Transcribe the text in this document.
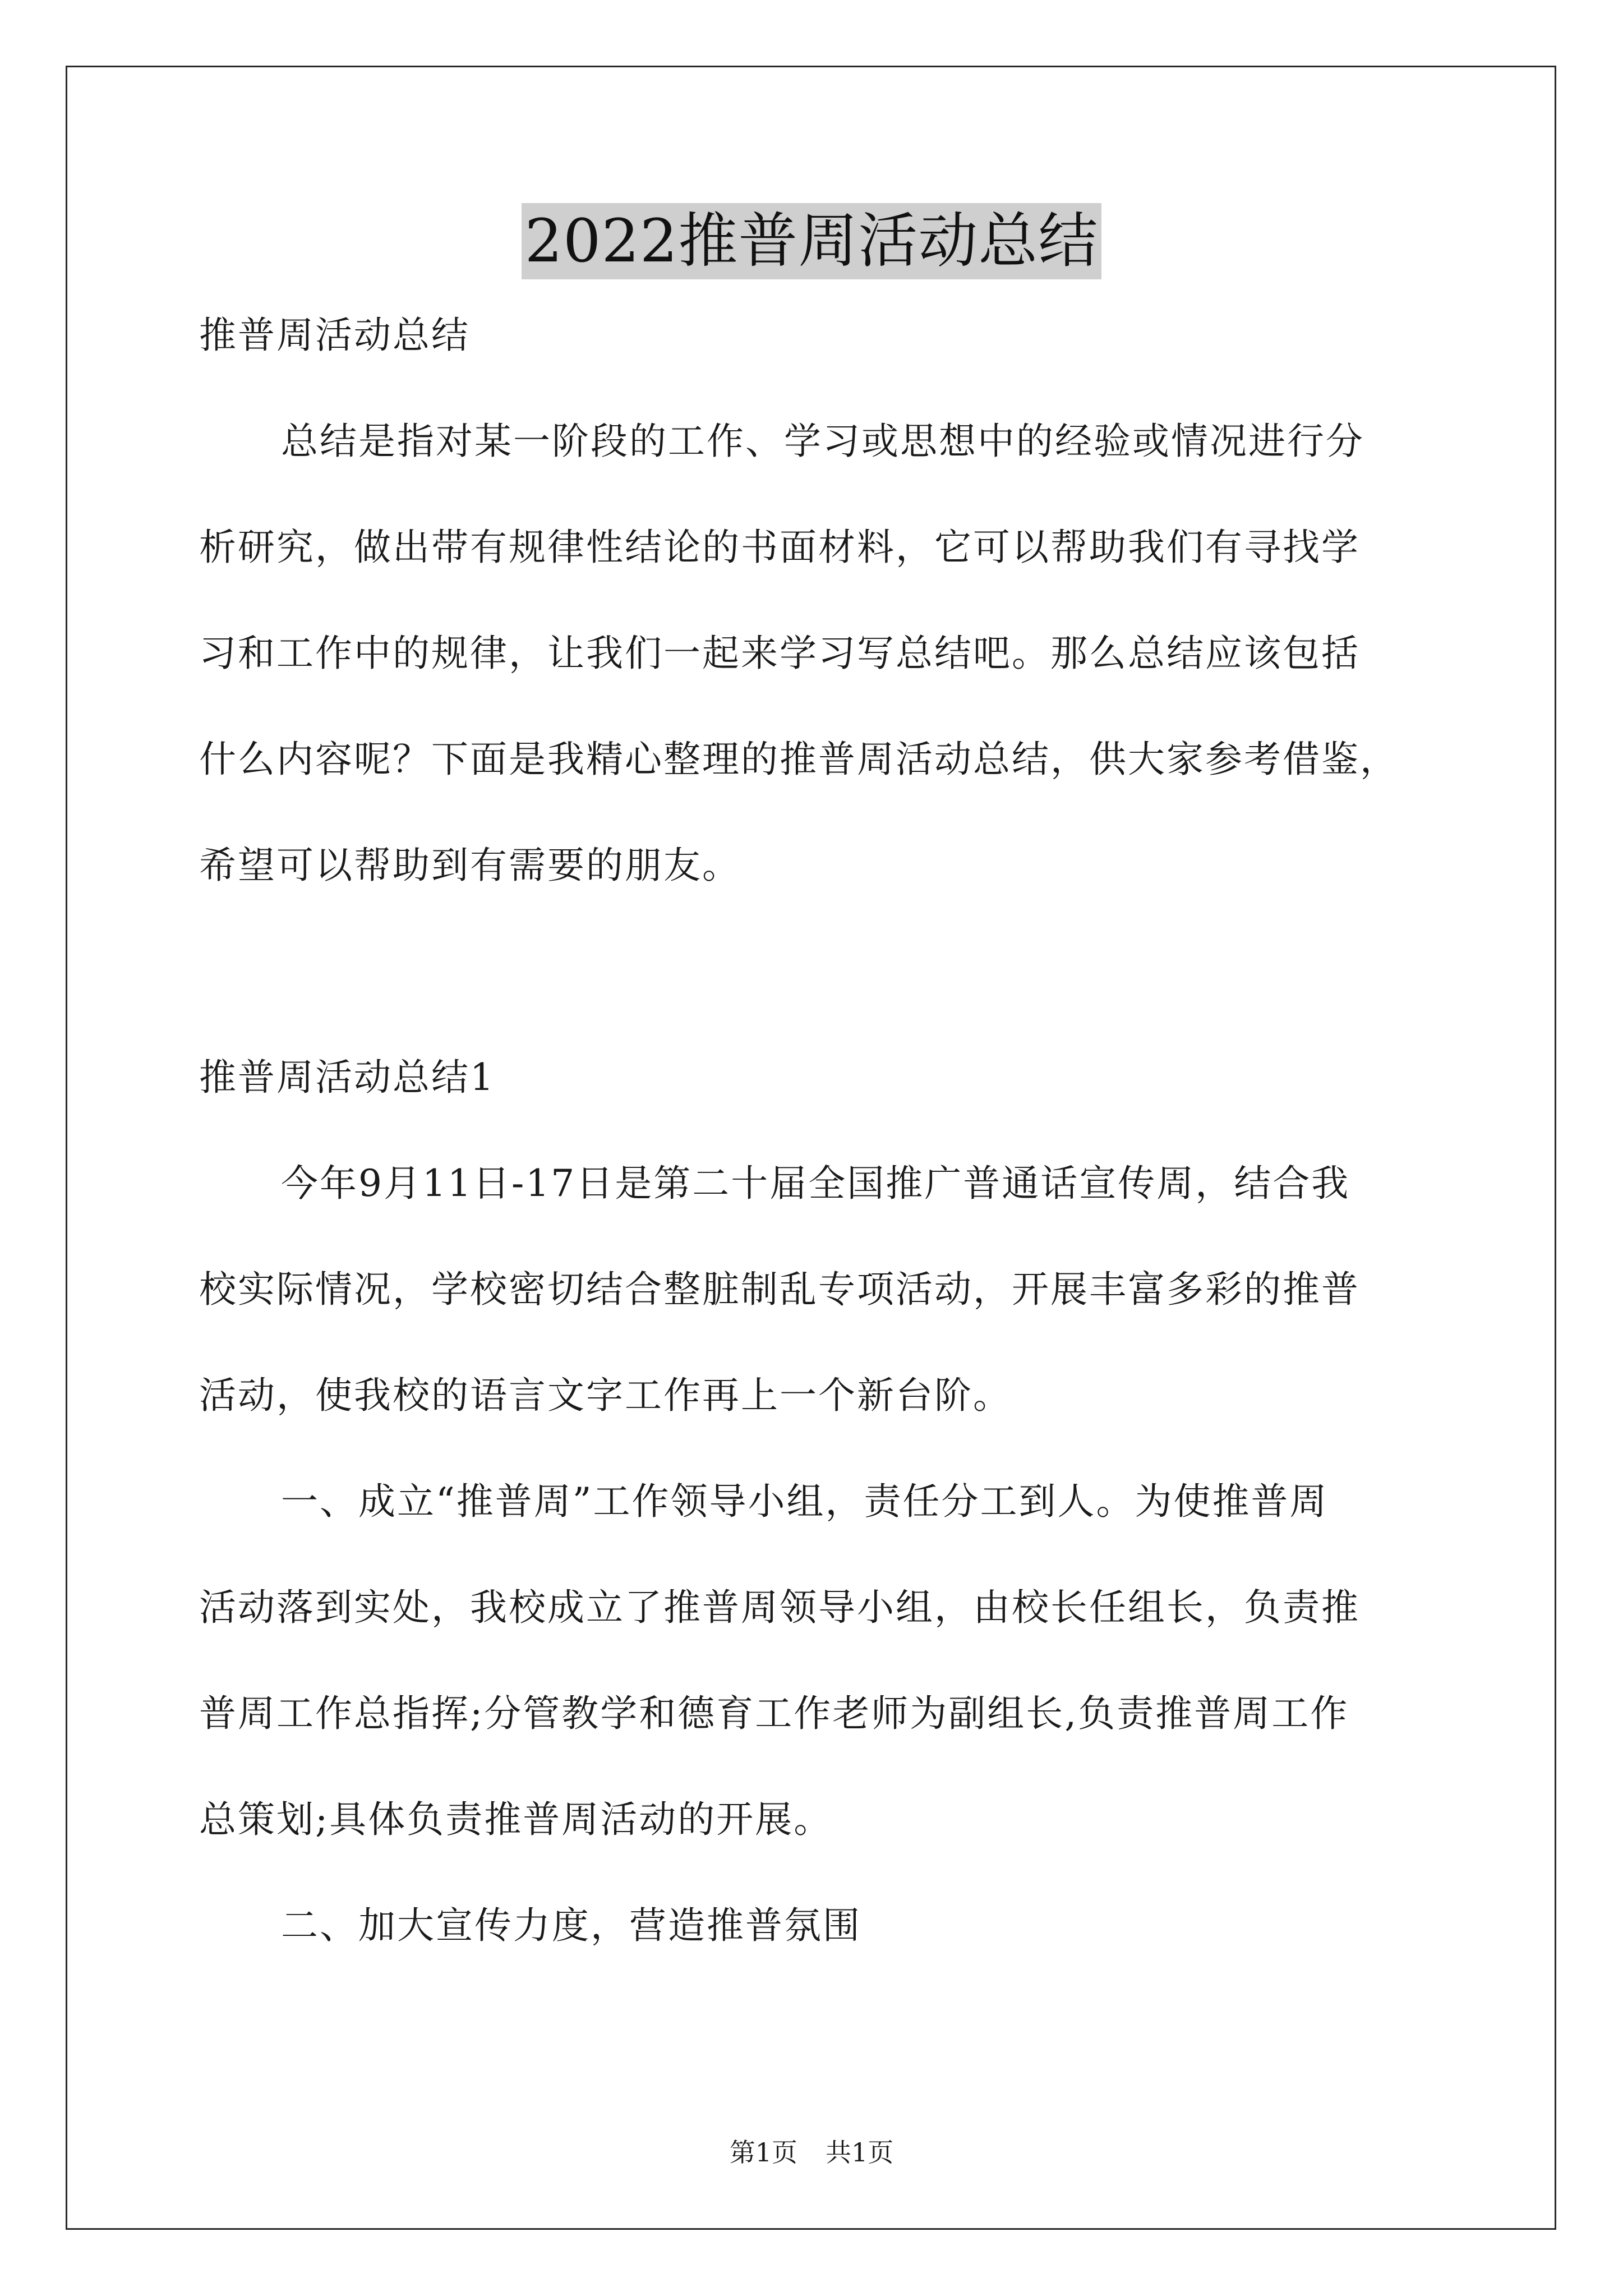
2022推普周活动总结
推普周活动总结
总结是指对某一阶段的工作、学习或思想中的经验或情况进行分
析研究，做出带有规律性结论的书面材料，它可以帮助我们有寻找学
习和工作中的规律，让我们一起来学习写总结吧。那么总结应该包括
什么内容呢？下面是我精心整理的推普周活动总结，供大家参考借鉴，
希望可以帮助到有需要的朋友。
推普周活动总结1
今年9月11日-17日是第二十届全国推广普通话宣传周，结合我
校实际情况，学校密切结合整脏制乱专项活动，开展丰富多彩的推普
活动，使我校的语言文字工作再上一个新台阶。
一、成立“推普周”工作领导小组，责任分工到人。为使推普周
活动落到实处，我校成立了推普周领导小组，由校长任组长，负责推
普周工作总指挥;分管教学和德育工作老师为副组长,负责推普周工作
总策划;具体负责推普周活动的开展。
二、加大宣传力度，营造推普氛围
第1页 共1页
